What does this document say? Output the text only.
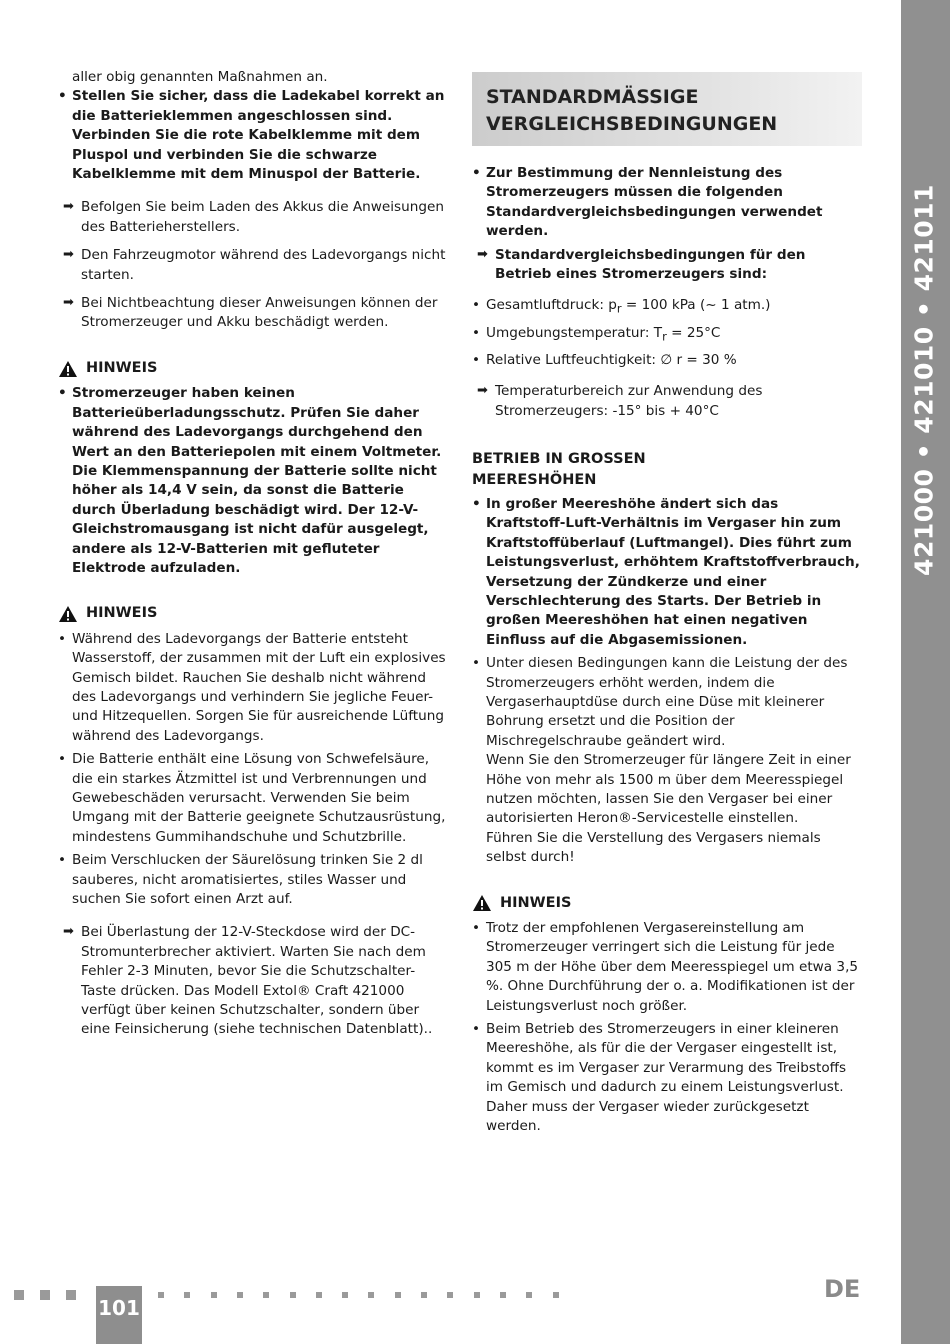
aller obig genannten Maßnahmen an.

• Stellen Sie sicher, dass die Ladekabel korrekt an die Batterieklemmen angeschlossen sind. Verbinden Sie die rote Kabelklemme mit dem Pluspol und verbinden Sie die schwarze Kabelklemme mit dem Minuspol der Batterie.

➡ Befolgen Sie beim Laden des Akkus die Anweisungen des Batterieherstellers.
➡ Den Fahrzeugmotor während des Ladevorgangs nicht starten.
➡ Bei Nichtbeachtung dieser Anweisungen können der Stromerzeuger und Akku beschädigt werden.
HINWEIS

• Stromerzeuger haben keinen Batterieüberladungsschutz. Prüfen Sie daher während des Ladevorgangs durchgehend den Wert an den Batteriepolen mit einem Voltmeter. Die Klemmenspannung der Batterie sollte nicht höher als 14,4 V sein, da sonst die Batterie durch Überladung beschädigt wird. Der 12-V-Gleichstromausgang ist nicht dafür ausgelegt, andere als 12-V-Batterien mit gefluteter Elektrode aufzuladen.

HINWEIS

• Während des Ladevorgangs der Batterie entsteht Wasserstoff, der zusammen mit der Luft ein explosives Gemisch bildet. Rauchen Sie deshalb nicht während des Ladevorgangs und verhindern Sie jegliche Feuer- und Hitzequellen. Sorgen Sie für ausreichende Lüftung während des Ladevorgangs.

• Die Batterie enthält eine Lösung von Schwefelsäure, die ein starkes Ätzmittel ist und Verbrennungen und Gewebeschäden verursacht. Verwenden Sie beim Umgang mit der Batterie geeignete Schutzausrüstung, mindestens Gummihandschuhe und Schutzbrille.

• Beim Verschlucken der Säurelösung trinken Sie 2 dl sauberes, nicht aromatisiertes, stiles Wasser und suchen Sie sofort einen Arzt auf.

➡ Bei Überlastung der 12-V-Steckdose wird der DC-Stromunterbrecher aktiviert. Warten Sie nach dem Fehler 2-3 Minuten, bevor Sie die Schutzschalter-Taste drücken. Das Modell Extol® Craft 421000 verfügt über keinen Schutzschalter, sondern über eine Feinsicherung (siehe technischen Datenblatt)..
STANDARDMÄSSIGE
VERGLEICHSBEDINGUNGEN

• Zur Bestimmung der Nennleistung des Stromerzeugers müssen die folgenden Standardvergleichsbedingungen verwendet werden.

➡ Standardvergleichsbedingungen für den Betrieb eines Stromerzeugers sind:

• Gesamtluftdruck: $p_r = 100$ kPa (~ 1 atm.)

• Umgebungstemperatur: $T_r = 25^\circ C$

• Relative Luftfeuchtigkeit: ∅ r = 30 %

➡ Temperaturbereich zur Anwendung des Stromerzeugers: -15° bis + 40°C
BETRIEB IN GROSSEN
MEERESHÖHEN

• In großer Meereshöhe ändert sich das Kraftstoff-Luft-Verhältnis im Vergaser hin zum Kraftstoffüberlauf (Luftmangel). Dies führt zum Leistungsverlust, erhöhtem Kraftstoffverbrauch, Versetzung der Zündkerze und einer Verschlechterung des Starts. Der Betrieb in großen Meereshöhen hat einen negativen Einfluss auf die Abgasemissionen.

• Unter diesen Bedingungen kann die Leistung der des Stromerzeugers erhöht werden, indem die Vergaserhauptdüse durch eine Düse mit kleinerer Bohrung ersetzt und die Position der Mischregelschraube geändert wird.

Wenn Sie den Stromerzeuger für längere Zeit in einer Höhe von mehr als 1500 m über dem Meeresspiegel nutzen möchten, lassen Sie den Vergaser bei einer autorisierten Heron®-Servicestelle einstellen.

Führen Sie die Verstellung des Vergasers niemals selbst durch!

HINWEIS

• Trotz der empfohlenen Vergasereinstellung am Stromerzeuger verringert sich die Leistung für jede 305 m der Höhe über dem Meeresspiegel um etwa 3,5 %. Ohne Durchführung der o. a. Modifikationen ist der Leistungsverlust noch größer.

• Beim Betrieb des Stromerzeugers in einer kleineren Meereshöhe, als für die der Vergaser eingestellt ist, kommt es im Vergaser zur Verarmung des Treibstoffs im Gemisch und dadurch zu einem Leistungsverlust. Daher muss der Vergaser wieder zurückgesetzt werden.

421000 • 421010 • 421011
101
DE
